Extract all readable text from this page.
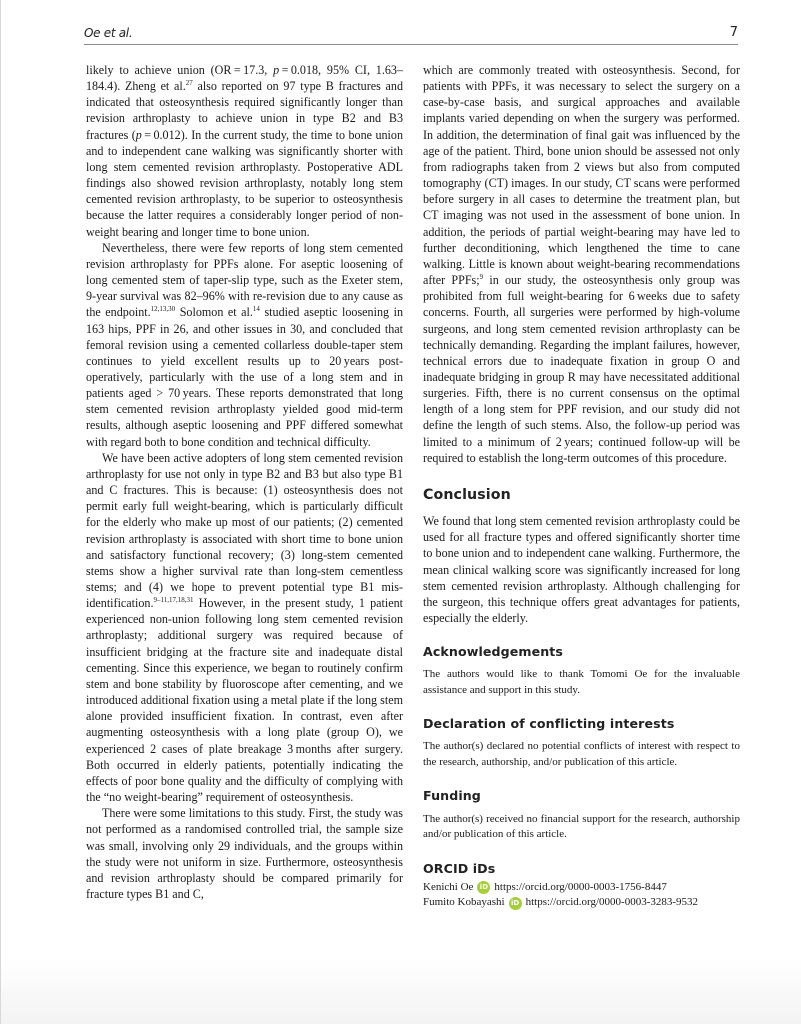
Oe et al.	7

likely to achieve union (OR = 17.3, p = 0.018, 95% CI, 1.63–184.4). Zheng et al.$^{27}$ also reported on 97 type B fractures and indicated that osteosynthesis required significantly longer than revision arthroplasty to achieve union in type B2 and B3 fractures (p = 0.012). In the current study, the time to bone union and to independent cane walking was significantly shorter with long stem cemented revision arthroplasty. Postoperative ADL findings also showed revision arthroplasty, notably long stem cemented revision arthroplasty, to be superior to osteosynthesis because the latter requires a considerably longer period of non-weight bearing and longer time to bone union.

Nevertheless, there were few reports of long stem cemented revision arthroplasty for PPFs alone. For aseptic loosening of long cemented stem of taper-slip type, such as the Exeter stem, 9-year survival was 82–96% with re-revision due to any cause as the endpoint.$^{12,13,30}$ Solomon et al.$^{14}$ studied aseptic loosening in 163 hips, PPF in 26, and other issues in 30, and concluded that femoral revision using a cemented collarless double-taper stem continues to yield excellent results up to 20 years post-operatively, particularly with the use of a long stem and in patients aged > 70 years. These reports demonstrated that long stem cemented revision arthroplasty yielded good mid-term results, although aseptic loosening and PPF differed somewhat with regard both to bone condition and technical difficulty.

We have been active adopters of long stem cemented revision arthroplasty for use not only in type B2 and B3 but also type B1 and C fractures. This is because: (1) osteosynthesis does not permit early full weight-bearing, which is particularly difficult for the elderly who make up most of our patients; (2) cemented revision arthroplasty is associated with short time to bone union and satisfactory functional recovery; (3) long-stem cemented stems show a higher survival rate than long-stem cementless stems; and (4) we hope to prevent potential type B1 mis-identification.$^{9-11,17,18,31}$ However, in the present study, 1 patient experienced non-union following long stem cemented revision arthroplasty; additional surgery was required because of insufficient bridging at the fracture site and inadequate distal cementing. Since this experience, we began to routinely confirm stem and bone stability by fluoroscope after cementing, and we introduced additional fixation using a metal plate if the long stem alone provided insufficient fixation. In contrast, even after augmenting osteosynthesis with a long plate (group O), we experienced 2 cases of plate breakage 3 months after surgery. Both occurred in elderly patients, potentially indicating the effects of poor bone quality and the difficulty of complying with the “no weight-bearing” requirement of osteosynthesis.

There were some limitations to this study. First, the study was not performed as a randomised controlled trial, the sample size was small, involving only 29 individuals, and the groups within the study were not uniform in size. Furthermore, osteosynthesis and revision arthroplasty should be compared primarily for fracture types B1 and C,

which are commonly treated with osteosynthesis. Second, for patients with PPFs, it was necessary to select the surgery on a case-by-case basis, and surgical approaches and available implants varied depending on when the surgery was performed. In addition, the determination of final gait was influenced by the age of the patient. Third, bone union should be assessed not only from radiographs taken from 2 views but also from computed tomography (CT) images. In our study, CT scans were performed before surgery in all cases to determine the treatment plan, but CT imaging was not used in the assessment of bone union. In addition, the periods of partial weight-bearing may have led to further deconditioning, which lengthened the time to cane walking. Little is known about weight-bearing recommendations after PPFs;$^9$ in our study, the osteosynthesis only group was prohibited from full weight-bearing for 6 weeks due to safety concerns. Fourth, all surgeries were performed by high-volume surgeons, and long stem cemented revision arthroplasty can be technically demanding. Regarding the implant failures, however, technical errors due to inadequate fixation in group O and inadequate bridging in group R may have necessitated additional surgeries. Fifth, there is no current consensus on the optimal length of a long stem for PPF revision, and our study did not define the length of such stems. Also, the follow-up period was limited to a minimum of 2 years; continued follow-up will be required to establish the long-term outcomes of this procedure.

Conclusion

We found that long stem cemented revision arthroplasty could be used for all fracture types and offered significantly shorter time to bone union and to independent cane walking. Furthermore, the mean clinical walking score was significantly increased for long stem cemented revision arthroplasty. Although challenging for the surgeon, this technique offers great advantages for patients, especially the elderly.

Acknowledgements

The authors would like to thank Tomomi Oe for the invaluable assistance and support in this study.

Declaration of conflicting interests

The author(s) declared no potential conflicts of interest with respect to the research, authorship, and/or publication of this article.

Funding

The author(s) received no financial support for the research, authorship and/or publication of this article.

ORCID iDs
Kenichi Oe iD https://orcid.org/0000-0003-1756-8447
Fumito Kobayashi iD https://orcid.org/0000-0003-3283-9532
